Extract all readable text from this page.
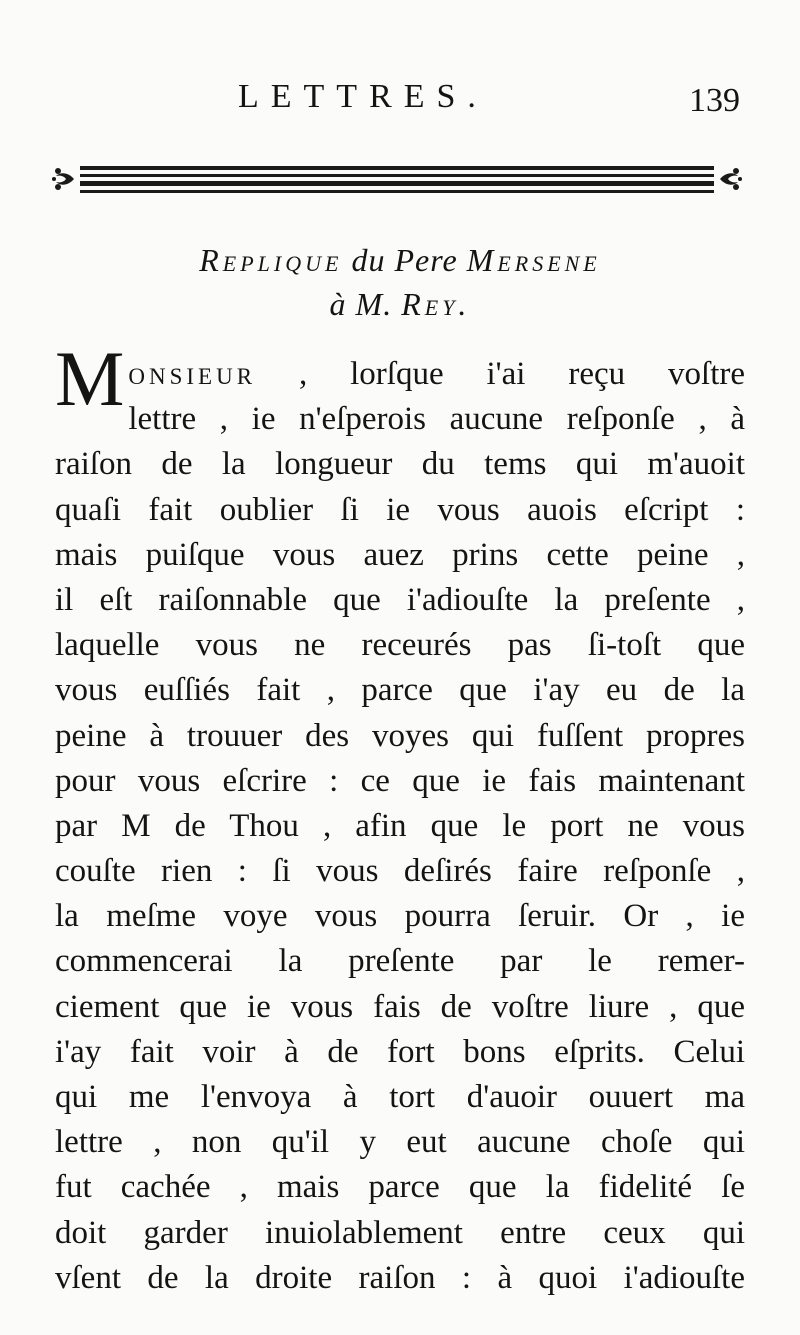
LETTRES.	139
Replique du Pere Mersene
à M. Rey.
M onsieur , lorſque i'ai reçu voſtre
lettre , ie n'eſperois aucune reſponſe , à
raiſon de la longueur du tems qui m'auoit
quaſi fait oublier ſi ie vous auois eſcript :
mais puiſque vous auez prins cette peine ,
il eſt raiſonnable que i'adiouſte la preſente ,
laquelle vous ne receurés pas ſi-toſt que
vous euſſiés fait , parce que i'ay eu de la
peine à trouuer des voyes qui fuſſent propres
pour vous eſcrire : ce que ie fais maintenant
par M de Thou , afin que le port ne vous
couſte rien : ſi vous deſirés faire reſponſe ,
la meſme voye vous pourra ſeruir. Or , ie
commencerai la preſente par le remer-
ciement que ie vous fais de voſtre liure , que
i'ay fait voir à de fort bons eſprits. Celui
qui me l'envoya à tort d'auoir ouuert ma
lettre , non qu'il y eut aucune choſe qui
fut cachée , mais parce que la fidelité ſe
doit garder inuiolablement entre ceux qui
vſent de la droite raiſon : à quoi i'adiouſte
